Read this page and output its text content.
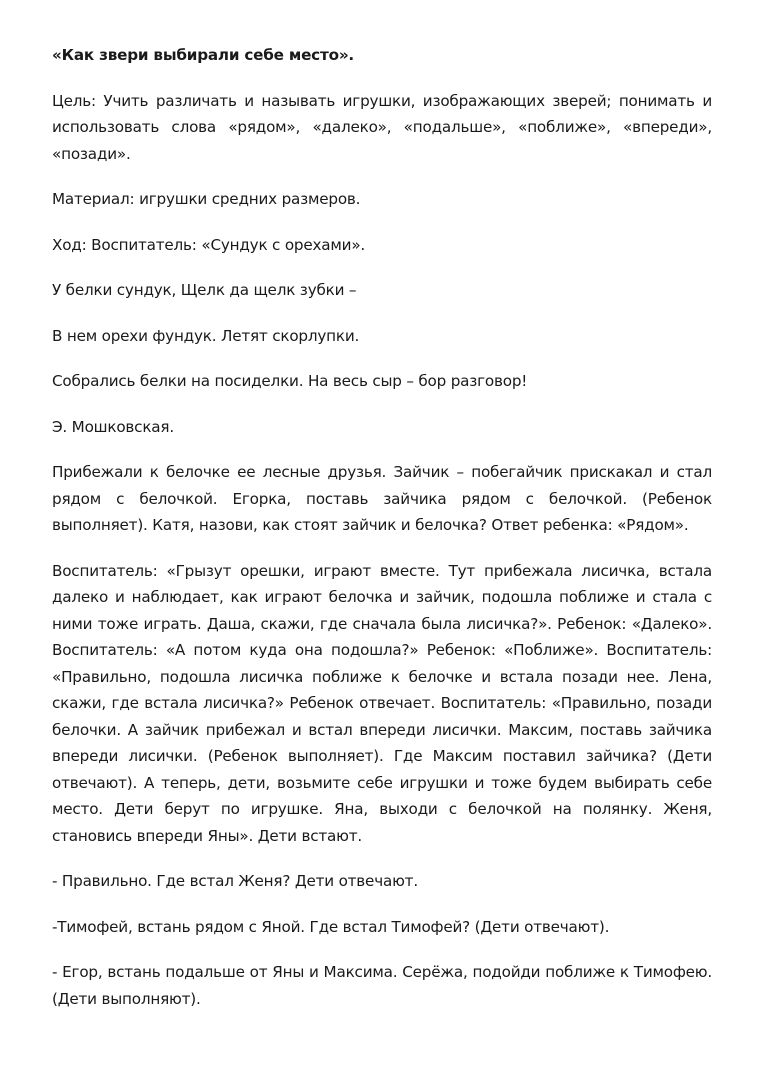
«Как звери выбирали себе место».

Цель: Учить различать и называть игрушки, изображающих зверей; понимать и использовать слова «рядом», «далеко», «подальше», «поближе», «впереди», «позади».

Материал: игрушки средних размеров.

Ход: Воспитатель: «Сундук с орехами».

У белки сундук, Щелк да щелк зубки –

В нем орехи фундук. Летят скорлупки.

Собрались белки на посиделки. На весь сыр – бор разговор!

Э. Мошковская.

Прибежали к белочке ее лесные друзья. Зайчик – побегайчик прискакал и стал рядом с белочкой. Егорка, поставь зайчика рядом с белочкой. (Ребенок выполняет). Катя, назови, как стоят зайчик и белочка? Ответ ребенка: «Рядом».

Воспитатель: «Грызут орешки, играют вместе. Тут прибежала лисичка, встала далеко и наблюдает, как играют белочка и зайчик, подошла поближе и стала с ними тоже играть. Даша, скажи, где сначала была лисичка?». Ребенок: «Далеко». Воспитатель: «А потом куда она подошла?» Ребенок: «Поближе». Воспитатель: «Правильно, подошла лисичка поближе к белочке и встала позади нее. Лена, скажи, где встала лисичка?» Ребенок отвечает. Воспитатель: «Правильно, позади белочки. А зайчик прибежал и встал впереди лисички. Максим, поставь зайчика впереди лисички. (Ребенок выполняет). Где Максим поставил зайчика? (Дети отвечают). А теперь, дети, возьмите себе игрушки и тоже будем выбирать себе место. Дети берут по игрушке. Яна, выходи с белочкой на полянку. Женя, становись впереди Яны». Дети встают.

- Правильно. Где встал Женя? Дети отвечают.

-Тимофей, встань рядом с Яной. Где встал Тимофей? (Дети отвечают).

- Егор, встань подальше от Яны и Максима. Серёжа, подойди поближе к Тимофею. (Дети выполняют).
